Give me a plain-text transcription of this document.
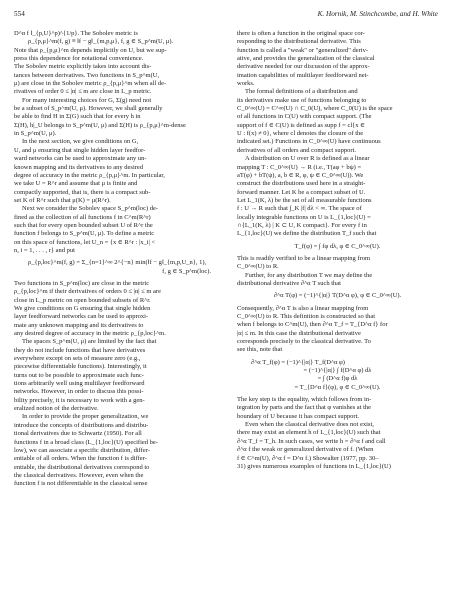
554	K. Hornik, M. Stinchcombe, and H. White
D^α f ‖_{p,U}^p)^{1/p}. The Sobolev metric is
ρ_{p,μ}^m(f, g) ≡ ‖f − g‖_{m,p,μ}, f, g ∈ S_p^m(U, μ).
Note that ρ_{p,μ}^m depends implicitly on U, but we sup-
press this dependence for notational convenience.
The Sobolev metric explicitly takes into account dis-
tances between derivatives. Two functions in S_p^m(U,
μ) are close in the Sobolev metric ρ_{p,μ}^m when all de-
rivatives of order 0 ≤ |α| ≤ m are close in L_p metric.
For many interesting choices for G, Σ(g) need not
be a subset of S_p^m(U, μ). However, we shall generally
be able to find H in Σ(G) such that for every h in
Σ(H), h|_U belongs to S_p^m(U, μ) and Σ(H) is ρ_{p,μ}^m-dense
in S_p^m(U, μ).
In the next section, we give conditions on G,
U, and μ ensuring that single hidden layer feedfor-
ward networks can be used to approximate any un-
known mapping and its derivatives to any desired
degree of accuracy in the metric ρ_{p,μ}^m. In particular,
we take U = R^r and assume that μ is finite and
compactly supported, that is, there is a compact sub-
set K of R^r such that μ(K) = μ(R^r).
Next we consider the Sobolev space S_p^m(loc) de-
fined as the collection of all functions f in C^m(R^r)
such that for every open bounded subset U of R^r the
function f belongs to S_p^m(U, μ). To define a metric
on this space of functions, let U_n = {x ∈ R^r : |x_i| <
n, i = 1, . . . , r} and put
ρ_{p,loc}^m(f, g) = Σ_{n=1}^∞ 2^{−n} min(‖f − g‖_{m,p,U_n}, 1),
f, g ∈ S_p^m(loc).
Two functions in S_p^m(loc) are close in the metric
ρ_{p,loc}^m if their derivatives of orders 0 ≤ |α| ≤ m are
close in L_p metric on open bounded subsets of R^r.
We give conditions on G ensuring that single hidden
layer feedforward networks can be used to approxi-
mate any unknown mapping and its derivatives to
any desired degree of accuracy in the metric ρ_{p,loc}^m.
The spaces S_p^m(U, μ) are limited by the fact that
they do not include functions that have derivatives
everywhere except on sets of measure zero (e.g.,
piecewise differentiable functions). Interestingly, it
turns out to be possible to approximate such func-
tions arbitrarily well using multilayer feedforward
networks. However, in order to discuss this possi-
bility precisely, it is necessary to work with a gen-
eralized notion of the derivative.
In order to provide the proper generalization, we
introduce the concepts of distributions and distribu-
tional derivatives due to Schwartz (1950). For all
functions f in a broad class (L_{1,loc}(U) specified be-
low), we can associate a specific distribution, differ-
entiable of all orders. When the function f is differ-
entiable, the distributional derivatives correspond to
the classical derivatives. However, even when the
function f is not differentiable in the classical sense
there is often a function in the original space cor-
responding to the distributional derivative. This
function is called a "weak" or "generalized" deriv-
ative, and provides the generalization of the classical
derivative needed for our discussion of the approx-
imation capabilities of multilayer feedforward net-
works.
The formal definitions of a distribution and
its derivatives make use of functions belonging to
C_0^∞(U) = C^∞(U) ∩ C_0(U), where C_0(U) is the space
of all functions in C(U) with compact support. (The
support of f ∈ C(U) is defined as supp f = cl{x ∈
U : f(x) ≠ 0}, where cl denotes the closure of the
indicated set.) Functions in C_0^∞(U) have continuous
derivatives of all orders and compact support.
A distribution on U over R is defined as a linear
mapping T : C_0^∞(U) → R (i.e., T(aφ + bψ) =
aT(φ) + bT(ψ), a, b ∈ R, φ, ψ ∈ C_0^∞(U)). We
construct the distributions used here in a straight-
forward manner. Let K be a compact subset of U.
Let L_1(K, λ) be the set of all measurable functions
f : U → R such that ∫_K |f| dλ < ∞. The space of
locally integrable functions on U is L_{1,loc}(U) =
∩{L_1(K, λ) | K ⊂ U, K compact}. For every f in
L_{1,loc}(U) we define the distribution T_f such that
T_f(φ) = ∫ fφ dλ, φ ∈ C_0^∞(U).
This is readily verified to be a linear mapping from
C_0^∞(U) to R.
Further, for any distribution T we may define the
distributional derivative ∂^α T such that
∂^α T(φ) = (−1)^{|α|} T(D^α φ), φ ∈ C_0^∞(U).
Consequently, ∂^α T is also a linear mapping from
C_0^∞(U) to R. This definition is constructed so that
when f belongs to C^m(U), then ∂^α T_f = T_{D^α f} for
|α| ≤ m. In this case the distributional derivative
corresponds precisely to the classical derivative. To
see this, note that
∂^α T_f(φ) = (−1)^{|α|} T_f(D^α φ)
= (−1)^{|α|} ∫ f(D^α φ) dλ
= ∫ (D^α f)φ dλ
= T_{D^α f}(φ), φ ∈ C_0^∞(U).
The key step is the equality, which follows from in-
tegration by parts and the fact that φ vanishes at the
boundary of U because it has compact support.
Even when the classical derivative does not exist,
there may exist an element h of L_{1,loc}(U) such that
∂^α T_f = T_h. In such cases, we write h = ∂^α f and call
∂^α f the weak or generalized derivative of f. (When
f ∈ C^m(U), ∂^α f = D^α f.) Showalter (1977, pp. 30–
31) gives numerous examples of functions in L_{1,loc}(U)
